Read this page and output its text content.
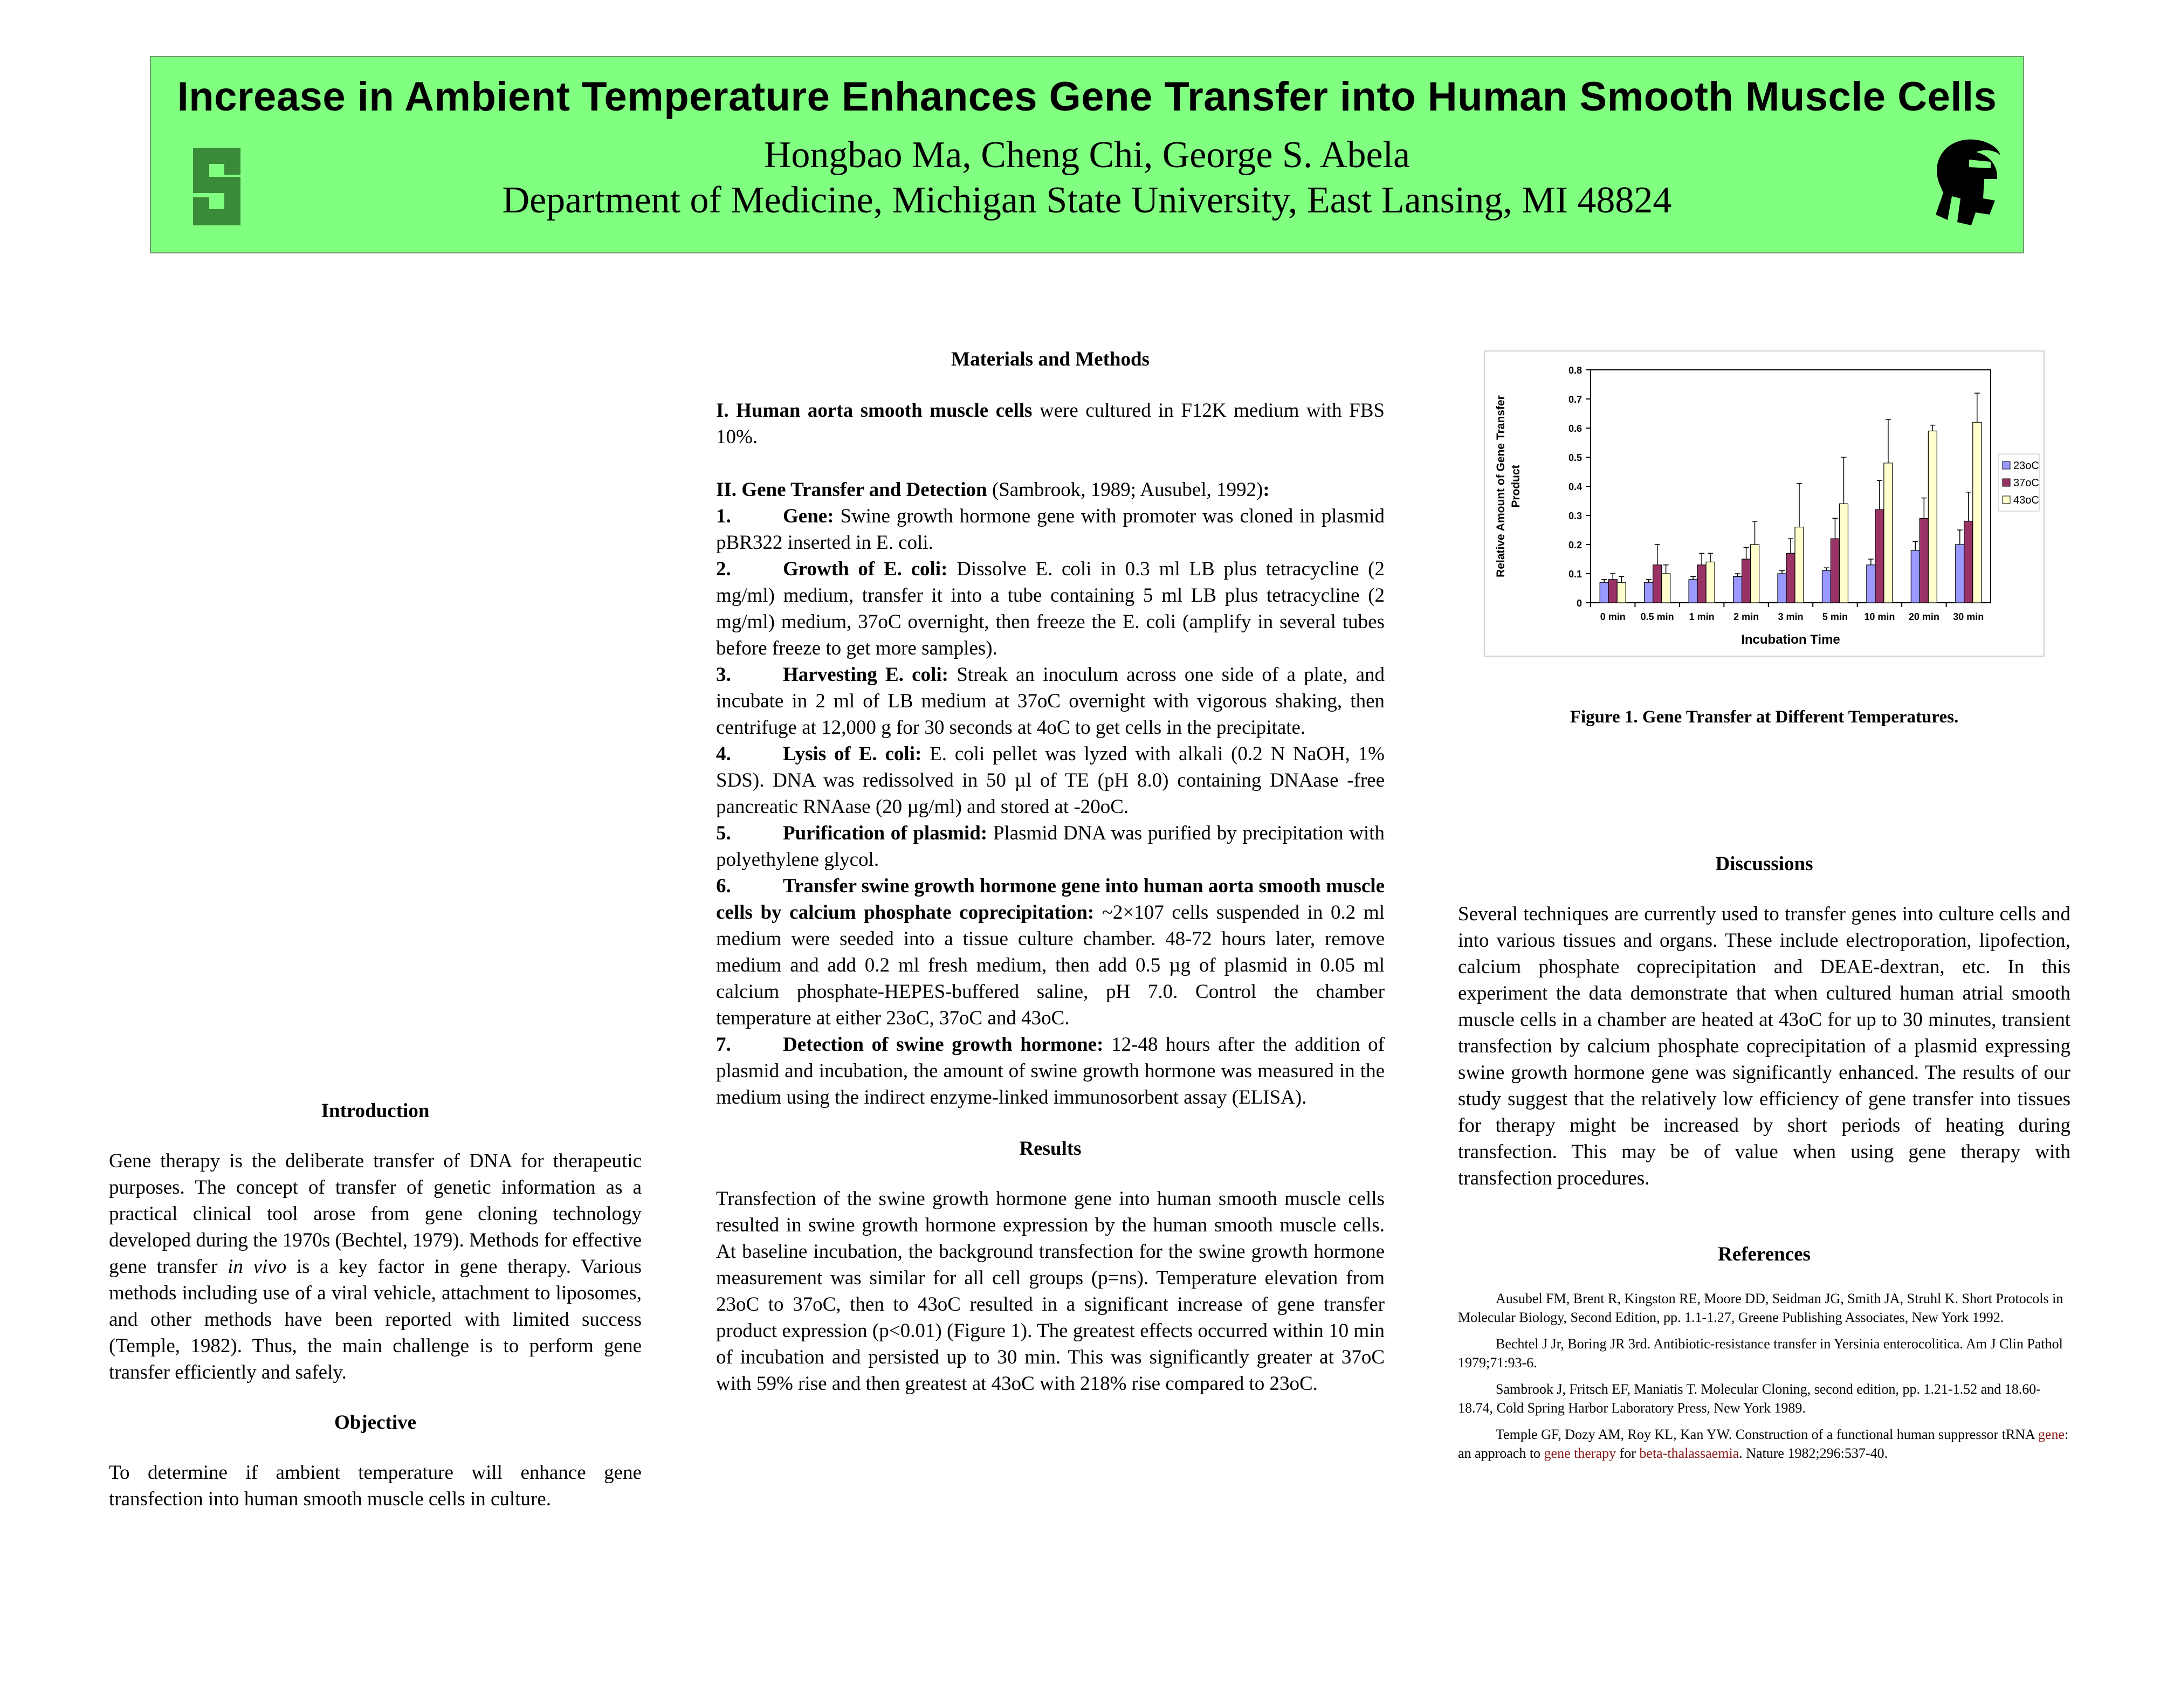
Increase in Ambient Temperature Enhances Gene Transfer into Human Smooth Muscle Cells
Hongbao Ma, Cheng Chi, George S. Abela
Department of Medicine, Michigan State University, East Lansing, MI 48824
Introduction

Gene therapy is the deliberate transfer of DNA for therapeutic purposes. The concept of transfer of genetic information as a practical clinical tool arose from gene cloning technology developed during the 1970s (Bechtel, 1979). Methods for effective gene transfer in vivo is a key factor in gene therapy. Various methods including use of a viral vehicle, attachment to liposomes, and other methods have been reported with limited success (Temple, 1982). Thus, the main challenge is to perform gene transfer efficiently and safely.

Objective

To determine if ambient temperature will enhance gene transfection into human smooth muscle cells in culture.

Materials and Methods

I. Human aorta smooth muscle cells were cultured in F12K medium with FBS 10%.

II. Gene Transfer and Detection (Sambrook, 1989; Ausubel, 1992):

1.	Gene: Swine growth hormone gene with promoter was cloned in plasmid pBR322 inserted in E. coli.

2.	Growth of E. coli: Dissolve E. coli in 0.3 ml LB plus tetracycline (2 mg/ml) medium, transfer it into a tube containing 5 ml LB plus tetracycline (2 mg/ml) medium, 37oC overnight, then freeze the E. coli (amplify in several tubes before freeze to get more samples).

3.	Harvesting E. coli: Streak an inoculum across one side of a plate, and incubate in 2 ml of LB medium at 37oC overnight with vigorous shaking, then centrifuge at 12,000 g for 30 seconds at 4oC to get cells in the precipitate.

4.	Lysis of E. coli: E. coli pellet was lyzed with alkali (0.2 N NaOH, 1% SDS). DNA was redissolved in 50 µl of TE (pH 8.0) containing DNAase -free pancreatic RNAase (20 µg/ml) and stored at -20oC.

5.	Purification of plasmid: Plasmid DNA was purified by precipitation with polyethylene glycol.

6.	Transfer swine growth hormone gene into human aorta smooth muscle cells by calcium phosphate coprecipitation: ~2×107 cells suspended in 0.2 ml medium were seeded into a tissue culture chamber. 48-72 hours later, remove medium and add 0.2 ml fresh medium, then add 0.5 µg of plasmid in 0.05 ml calcium phosphate-HEPES-buffered saline, pH 7.0. Control the chamber temperature at either 23oC, 37oC and 43oC.

7.	Detection of swine growth hormone: 12-48 hours after the addition of plasmid and incubation, the amount of swine growth hormone was measured in the medium using the indirect enzyme-linked immunosorbent assay (ELISA).

Results

Transfection of the swine growth hormone gene into human smooth muscle cells resulted in swine growth hormone expression by the human smooth muscle cells. At baseline incubation, the background transfection for the swine growth hormone measurement was similar for all cell groups (p=ns). Temperature elevation from 23oC to 37oC, then to 43oC resulted in a significant increase of gene transfer product expression (p<0.01) (Figure 1). The greatest effects occurred within 10 min of incubation and persisted up to 30 min. This was significantly greater at 37oC with 59% rise and then greatest at 43oC with 218% rise compared to 23oC.

0
0.1
0.2
0.3
0.4
0.5
0.6
0.7
0.8
0 min 0.5 min 1 min 2 min 3 min 5 min 10 min 20 min 30 min
Incubation Time
Relative Amount of Gene Transfer Product	23oC
37oC
43oC
Figure 1. Gene Transfer at Different Temperatures.
Discussions

Several techniques are currently used to transfer genes into culture cells and into various tissues and organs. These include electroporation, lipofection, calcium phosphate coprecipitation and DEAE-dextran, etc. In this experiment the data demonstrate that when cultured human atrial smooth muscle cells in a chamber are heated at 43oC for up to 30 minutes, transient transfection by calcium phosphate coprecipitation of a plasmid expressing swine growth hormone gene was significantly enhanced. The results of our study suggest that the relatively low efficiency of gene transfer into tissues for therapy might be increased by short periods of heating during transfection. This may be of value when using gene therapy with transfection procedures.

References

Ausubel FM, Brent R, Kingston RE, Moore DD, Seidman JG, Smith JA, Struhl K. Short Protocols in Molecular Biology, Second Edition, pp. 1.1-1.27, Greene Publishing Associates, New York 1992.

Bechtel J Jr, Boring JR 3rd. Antibiotic-resistance transfer in Yersinia enterocolitica. Am J Clin Pathol 1979;71:93-6.

Sambrook J, Fritsch EF, Maniatis T. Molecular Cloning, second edition, pp. 1.21-1.52 and 18.60-18.74, Cold Spring Harbor Laboratory Press, New York 1989.

Temple GF, Dozy AM, Roy KL, Kan YW. Construction of a functional human suppressor tRNA gene: an approach to gene therapy for beta-thalassaemia. Nature 1982;296:537-40.
